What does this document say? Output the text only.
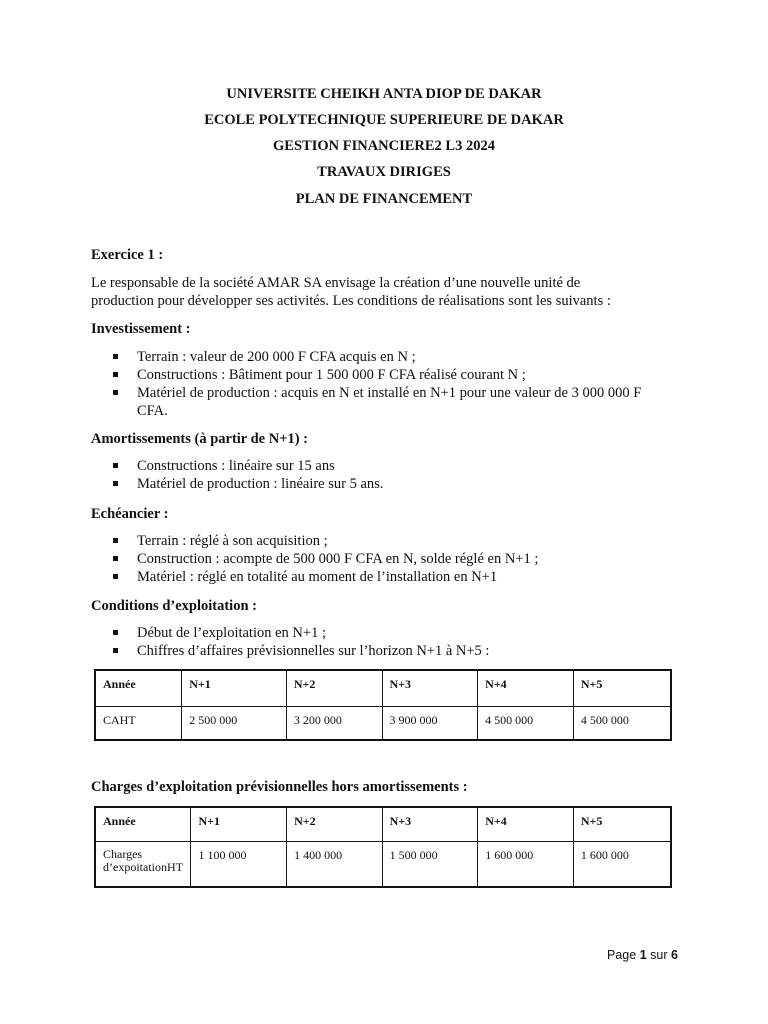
UNIVERSITE CHEIKH ANTA DIOP DE DAKAR
ECOLE POLYTECHNIQUE SUPERIEURE DE DAKAR
GESTION FINANCIERE2 L3 2024
TRAVAUX DIRIGES
PLAN DE FINANCEMENT
Exercice 1 :
Le responsable de la société AMAR SA envisage la création d’une nouvelle unité de
production pour développer ses activités. Les conditions de réalisations sont les suivants :
Investissement :
Terrain : valeur de 200 000 F CFA acquis en N ;
Constructions : Bâtiment pour 1 500 000 F CFA réalisé courant N ;
Matériel de production : acquis en N et installé en N+1 pour une valeur de 3 000 000 F
CFA.
Amortissements (à partir de N+1) :
Constructions : linéaire sur 15 ans
Matériel de production : linéaire sur 5 ans.
Echéancier :
Terrain : réglé à son acquisition ;
Construction : acompte de 500 000 F CFA en N, solde réglé en N+1 ;
Matériel : réglé en totalité au moment de l’installation en N+1
Conditions d’exploitation :
Début de l’exploitation en N+1 ;
Chiffres d’affaires prévisionnelles sur l’horizon N+1 à N+5 :
Année	N+1	N+2	N+3	N+4	N+5
CAHT	2 500 000	3 200 000	3 900 000	4 500 000	4 500 000
Charges d’exploitation prévisionnelles hors amortissements :
Année	N+1	N+2	N+3	N+4	N+5
Charges
d’expoitationHT	1 100 000	1 400 000	1 500 000	1 600 000	1 600 000
Page 1 sur 6
